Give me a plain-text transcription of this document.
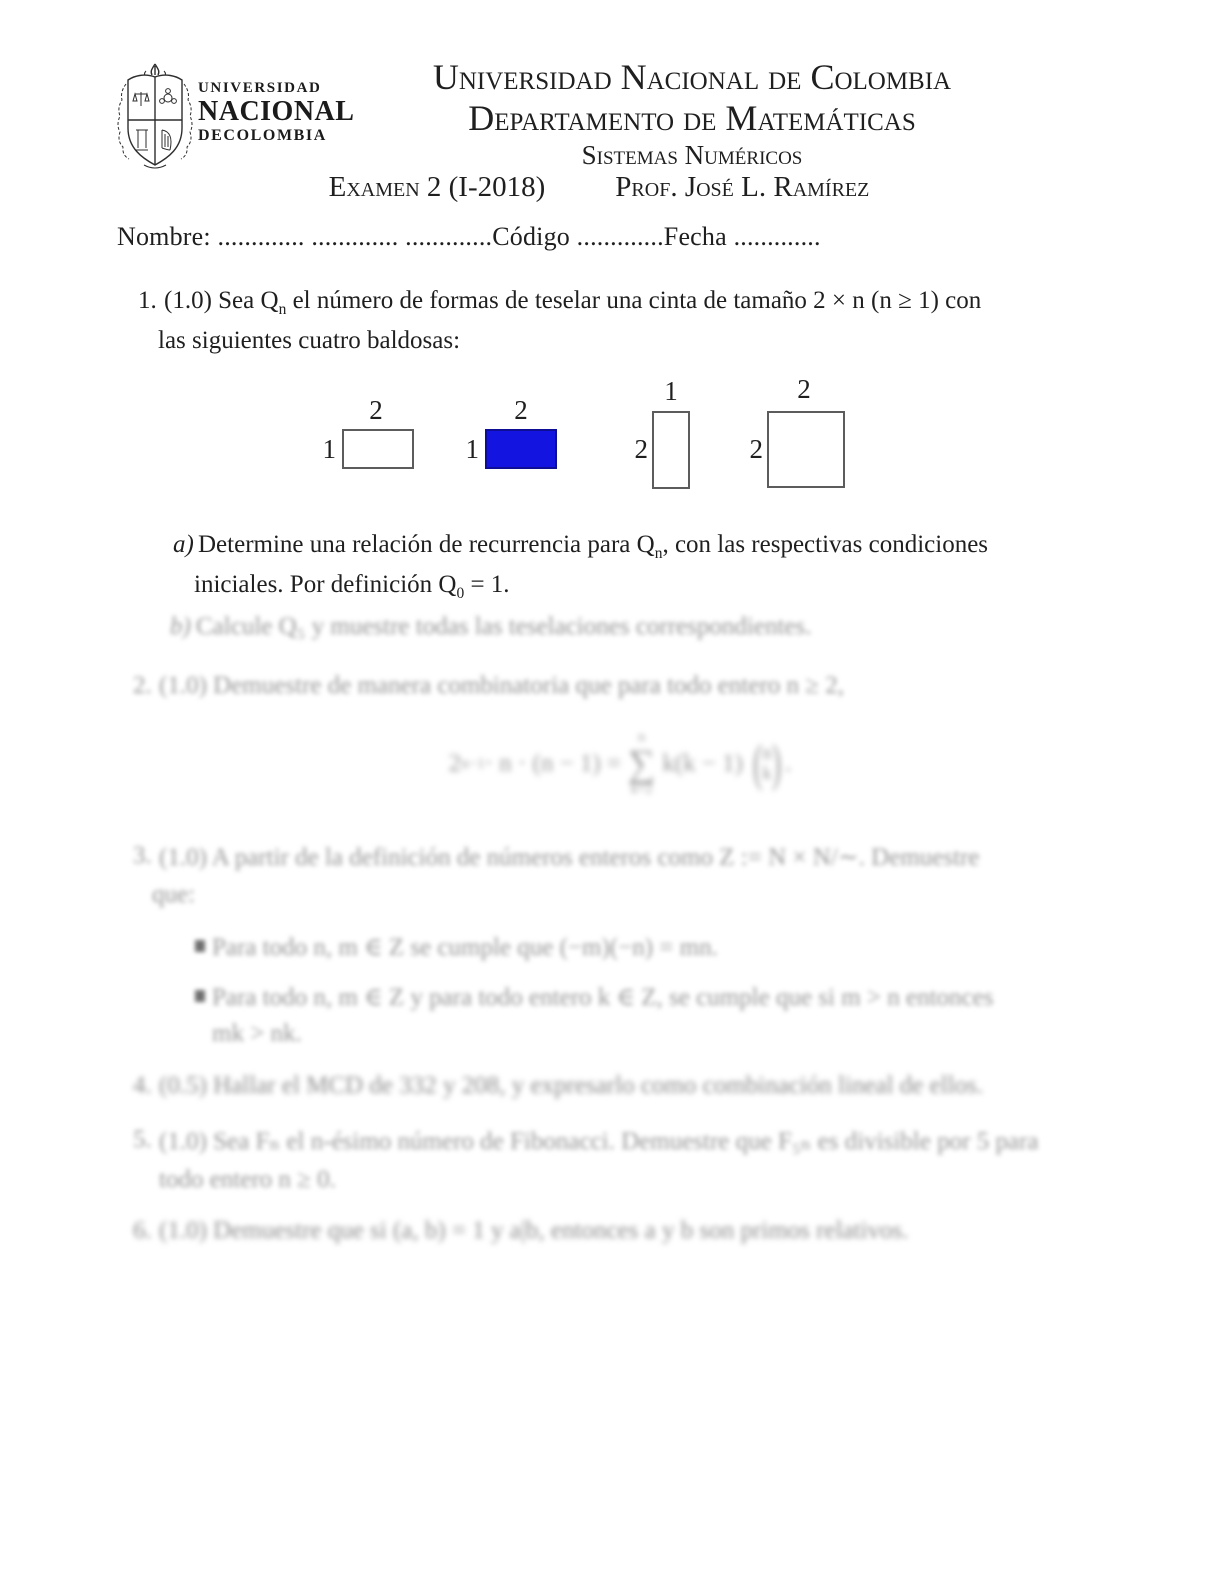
UNIVERSIDAD
NACIONAL
DECOLOMBIA
Universidad Nacional de Colombia
Departamento de Matemáticas
Sistemas Numéricos
Examen 2 (I-2018) Prof. José L. Ramírez
Nombre: ............. ............. .............Código .............Fecha .............
1. (1.0) Sea $Q_n$ el número de formas de teselar una cinta de tamaño 2 × n (n ≥ 1) con
las siguientes cuatro baldosas:
2
1
2
1
1
2
2
2
a) Determine una relación de recurrencia para $Q_n$, con las respectivas condiciones
iniciales. Por definición $Q_0 = 1$.
b) Calcule Q₅ y muestre todas las teselaciones correspondientes.
2. (1.0) Demuestre de manera combinatoria que para todo entero n ≥ 2,
2 n−1 · n · (n − 1) =
n
∑
k=2
k(k − 1) ( n
k ) .
3. (1.0) A partir de la definición de números enteros como Z := N × N/∼. Demuestre
que:
Para todo n, m ∈ Z se cumple que (−m)(−n) = mn.
Para todo n, m ∈ Z y para todo entero k ∈ Z, se cumple que si m > n entonces
mk > nk.
4. (0.5) Hallar el MCD de 332 y 208, y expresarlo como combinación lineal de ellos.
5. (1.0) Sea Fₙ el n-ésimo número de Fibonacci. Demuestre que F₅ₙ es divisible por 5 para
todo entero n ≥ 0.
6. (1.0) Demuestre que si (a, b) = 1 y a|b, entonces a y b son primos relativos.
